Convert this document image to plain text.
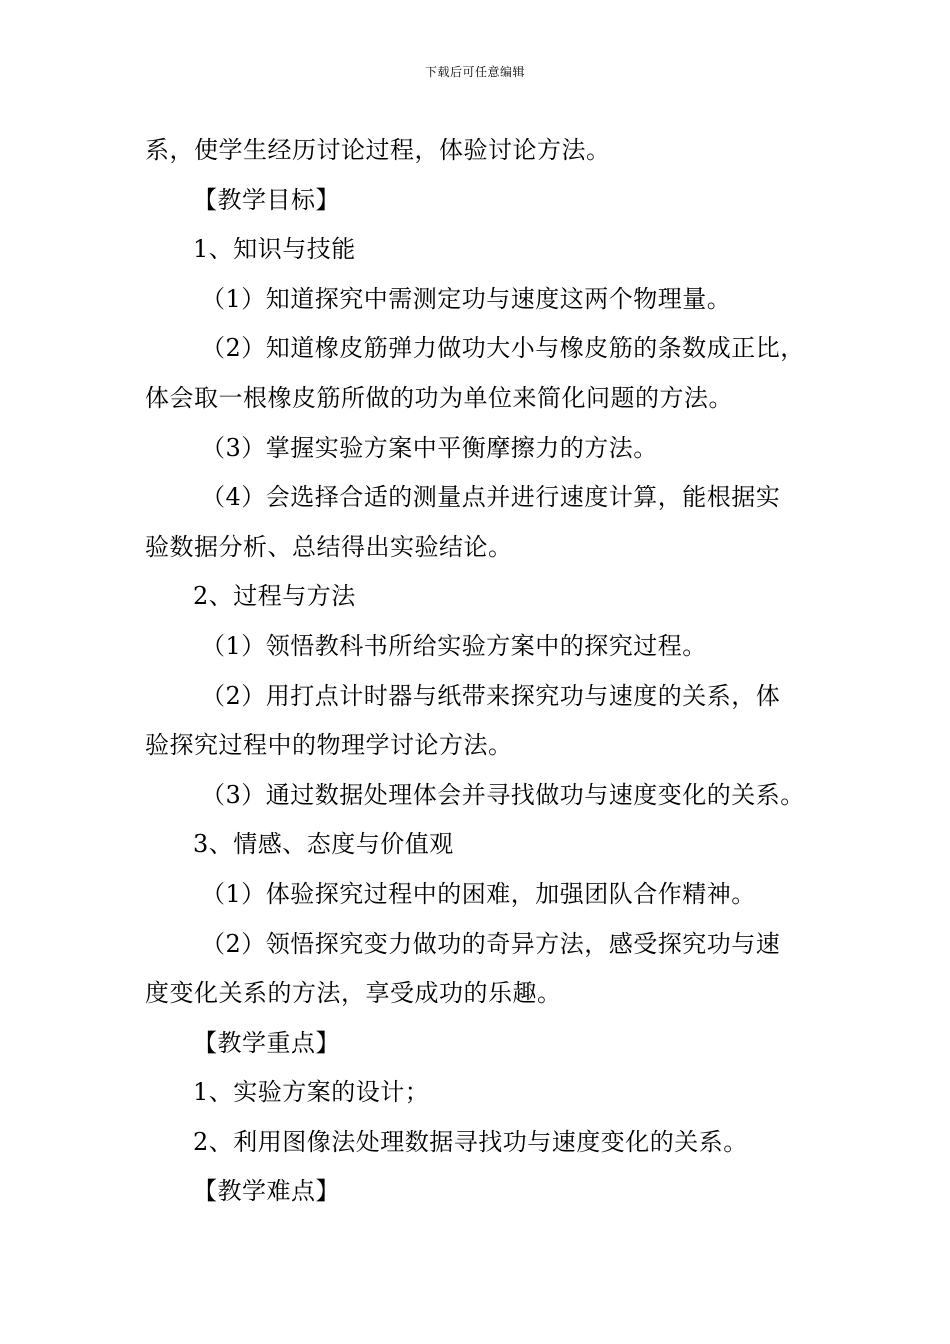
下载后可任意编辑
系，使学生经历讨论过程，体验讨论方法。
【教学目标】
1、知识与技能
（1）知道探究中需测定功与速度这两个物理量。
（2）知道橡皮筋弹力做功大小与橡皮筋的条数成正比，
体会取一根橡皮筋所做的功为单位来简化问题的方法。
（3）掌握实验方案中平衡摩擦力的方法。
（4）会选择合适的测量点并进行速度计算，能根据实
验数据分析、总结得出实验结论。
2、过程与方法
（1）领悟教科书所给实验方案中的探究过程。
（2）用打点计时器与纸带来探究功与速度的关系，体
验探究过程中的物理学讨论方法。
（3）通过数据处理体会并寻找做功与速度变化的关系。
3、情感、态度与价值观
（1）体验探究过程中的困难，加强团队合作精神。
（2）领悟探究变力做功的奇异方法，感受探究功与速
度变化关系的方法，享受成功的乐趣。
【教学重点】
1、实验方案的设计；
2、利用图像法处理数据寻找功与速度变化的关系。
【教学难点】
